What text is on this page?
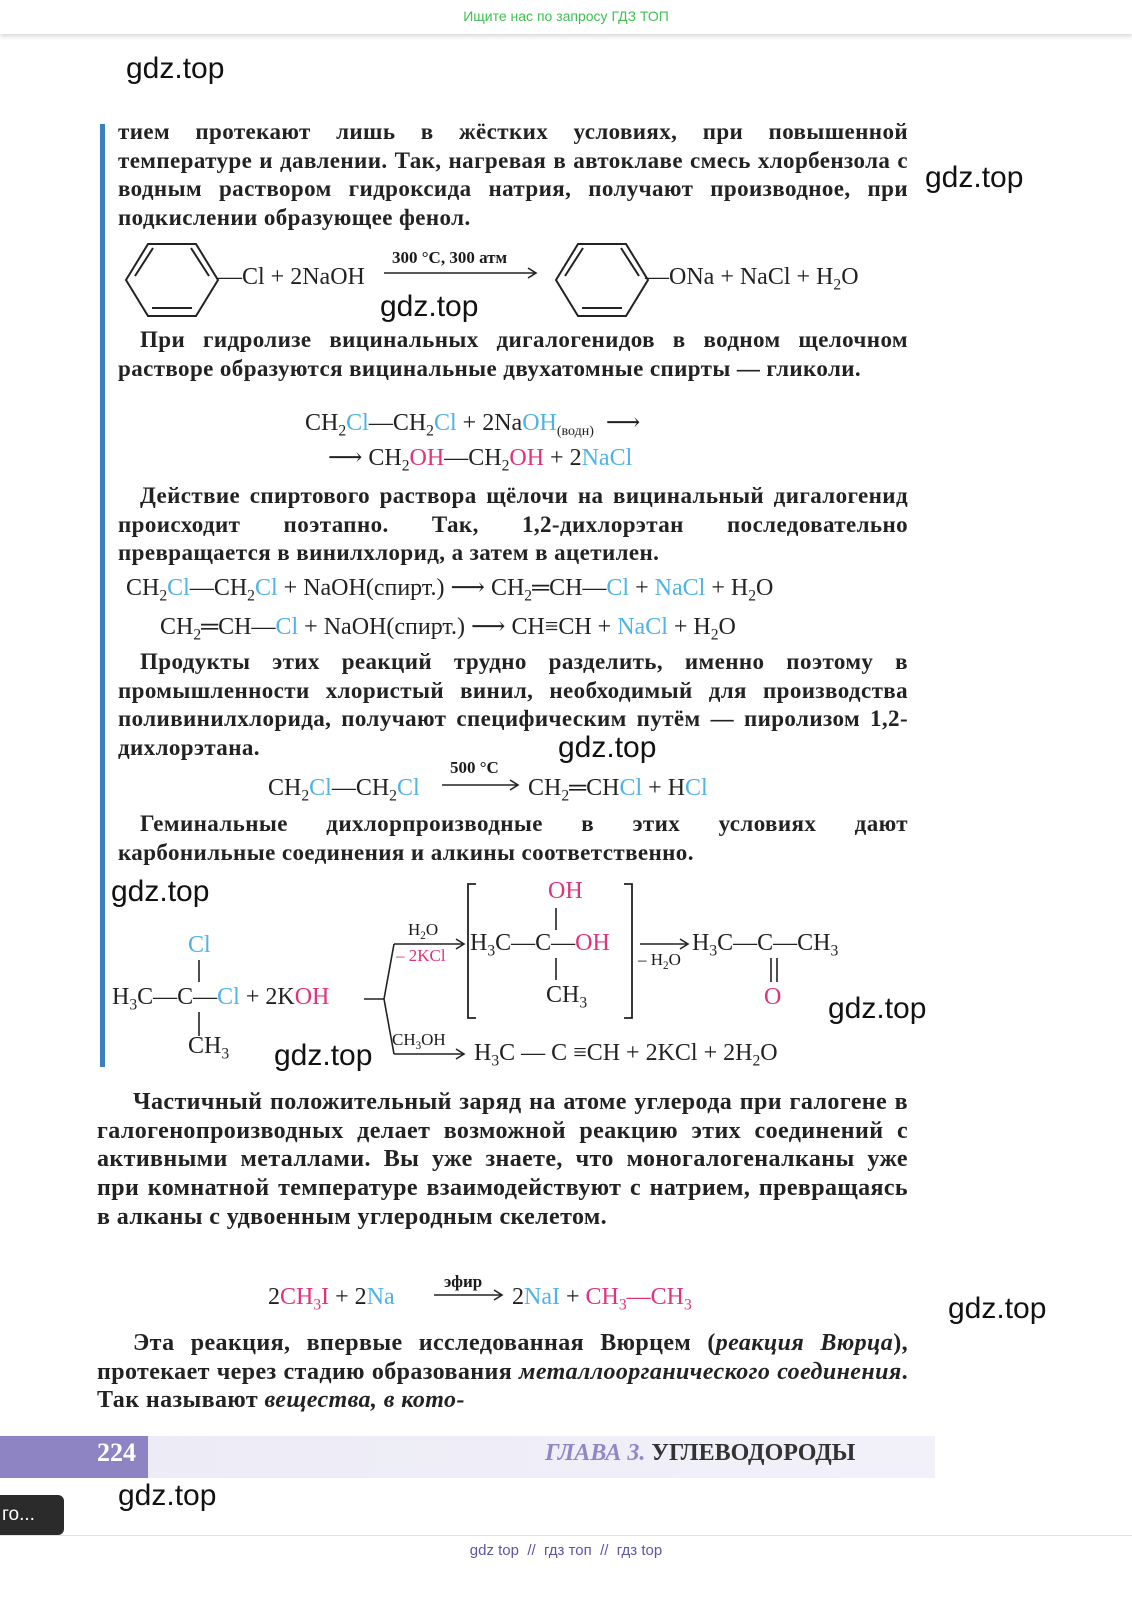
Ищите нас по запросу ГДЗ ТОП
тием протекают лишь в жёстких условиях, при повышенной температуре и давлении. Так, нагревая в автоклаве смесь хлорбензола с водным раствором гидроксида натрия, получают производное, при подкислении образующее фенол.
—Cl + 2NaOH
300 °C, 300 атм
—ONa + NaCl + $H_2O$
При гидролизе вицинальных дигалогенидов в водном щелочном растворе образуются вицинальные двухатомные спирты — гликоли.
$CH_2Cl—CH_2Cl$ + 2NaOH$_{(водн)}$  ⟶
⟶ $CH_2OH—CH_2OH$ + 2NaCl
Действие спиртового раствора щёлочи на вицинальный дигалогенид происходит поэтапно. Так, 1,2-дихлорэтан последовательно превращается в винилхлорид, а затем в ацетилен.
$CH_2Cl—CH_2Cl$ + NaOH(спирт.) ⟶ $CH_2═CH—Cl$ + NaCl + $H_2O$
$CH_2═CH—Cl$ + NaOH(спирт.) ⟶ CH≡CH + NaCl + $H_2O$
Продукты этих реакций трудно разделить, именно поэтому в промышленности хлористый винил, необходимый для производства поливинилхлорида, получают специфическим путём — пиролизом 1,2-дихлорэтана.
$CH_2Cl—CH_2Cl$
500 °C
$CH_2═CHCl$ + HCl
Геминальные дихлорпроизводные в этих условиях дают карбонильные соединения и алкины соответственно.
OH
Cl
$H_3C—C—Cl + 2KOH$
$CH_3$
$H_2O$
– 2KCl $H_3C—C—OH$
$CH_3$
– $H_2O$
$H_3C—C—CH_3$
O
$CH_3OH$
$H_3C$ — $C \equiv CH + 2KCl + 2H_2O$
Частичный положительный заряд на атоме углерода при галогене в галогенопроизводных делает возможной реакцию этих соединений с активными металлами. Вы уже знаете, что моногалогеналканы уже при комнатной температуре взаимодействуют с натрием, превращаясь в алканы с удвоенным углеродным скелетом.
$2CH_3I + 2Na$
эфир
$2NaI + CH_3—CH_3$
Эта реакция, впервые исследованная Вюрцем (реакция Вюрца), протекает через стадию образования металлоорганического соединения. Так называют вещества, в кото-
224	ГЛАВА 3. УГЛЕВОДОРОДЫ
gdz.top
gdz.top
gdz.top
gdz.top
gdz.top
gdz.top
gdz.top
gdz.top
gdz.top
го...
gdz top  //  гдз топ  //  гдз top
